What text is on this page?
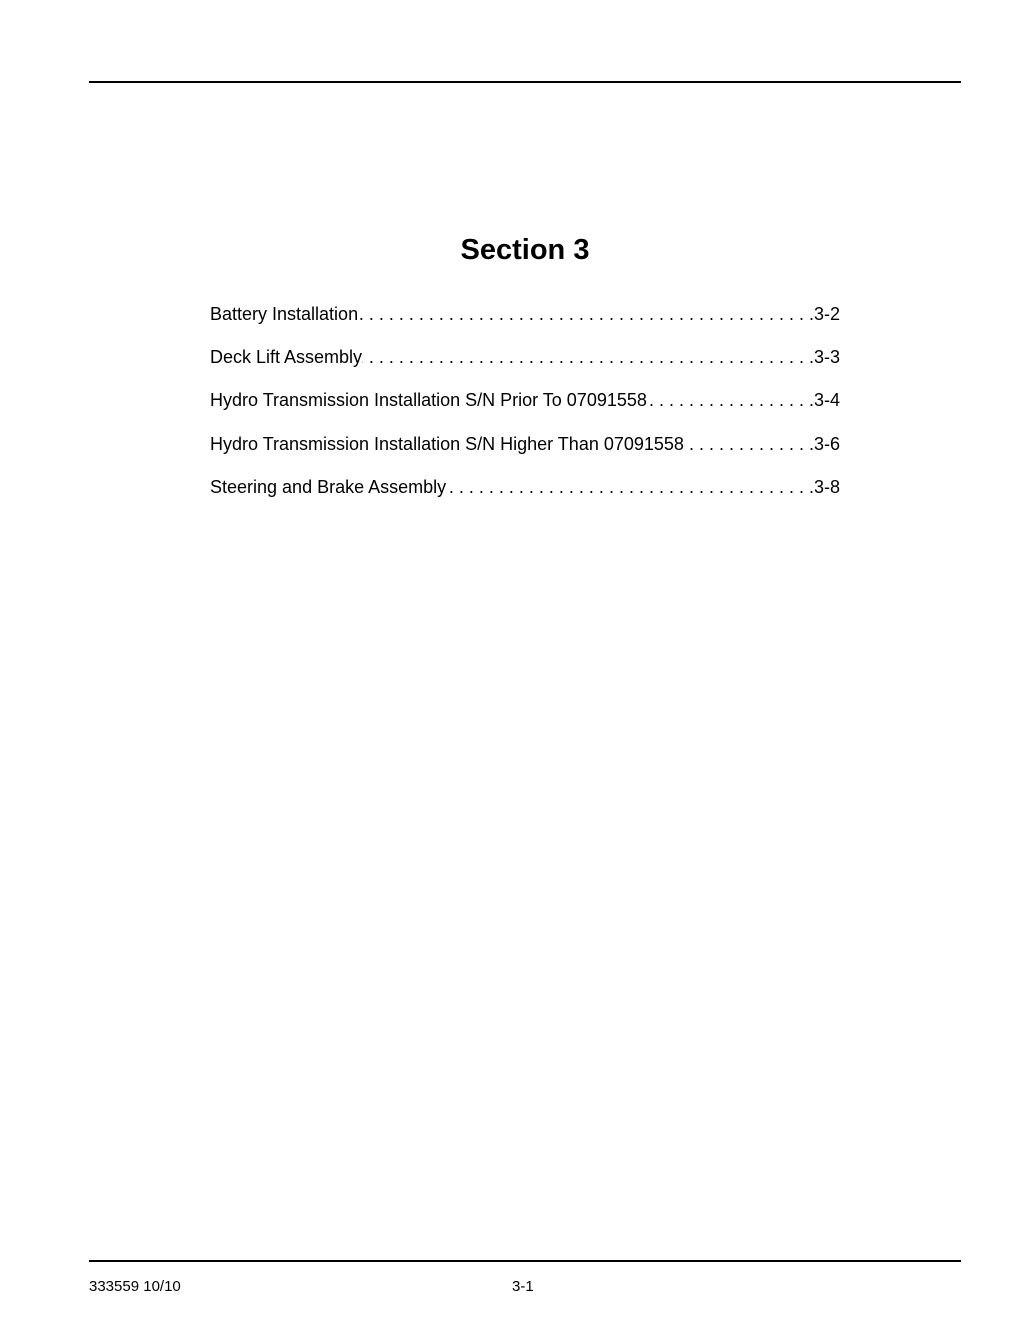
Section 3
Battery Installation . . .	3-2
Deck Lift Assembly . . .	3-3
Hydro Transmission Installation S/N Prior To 07091558 . . .	3-4
Hydro Transmission Installation S/N Higher Than 07091558 . . .	3-6
Steering and Brake Assembly . . .	3-8
333559 10/10	3-1
